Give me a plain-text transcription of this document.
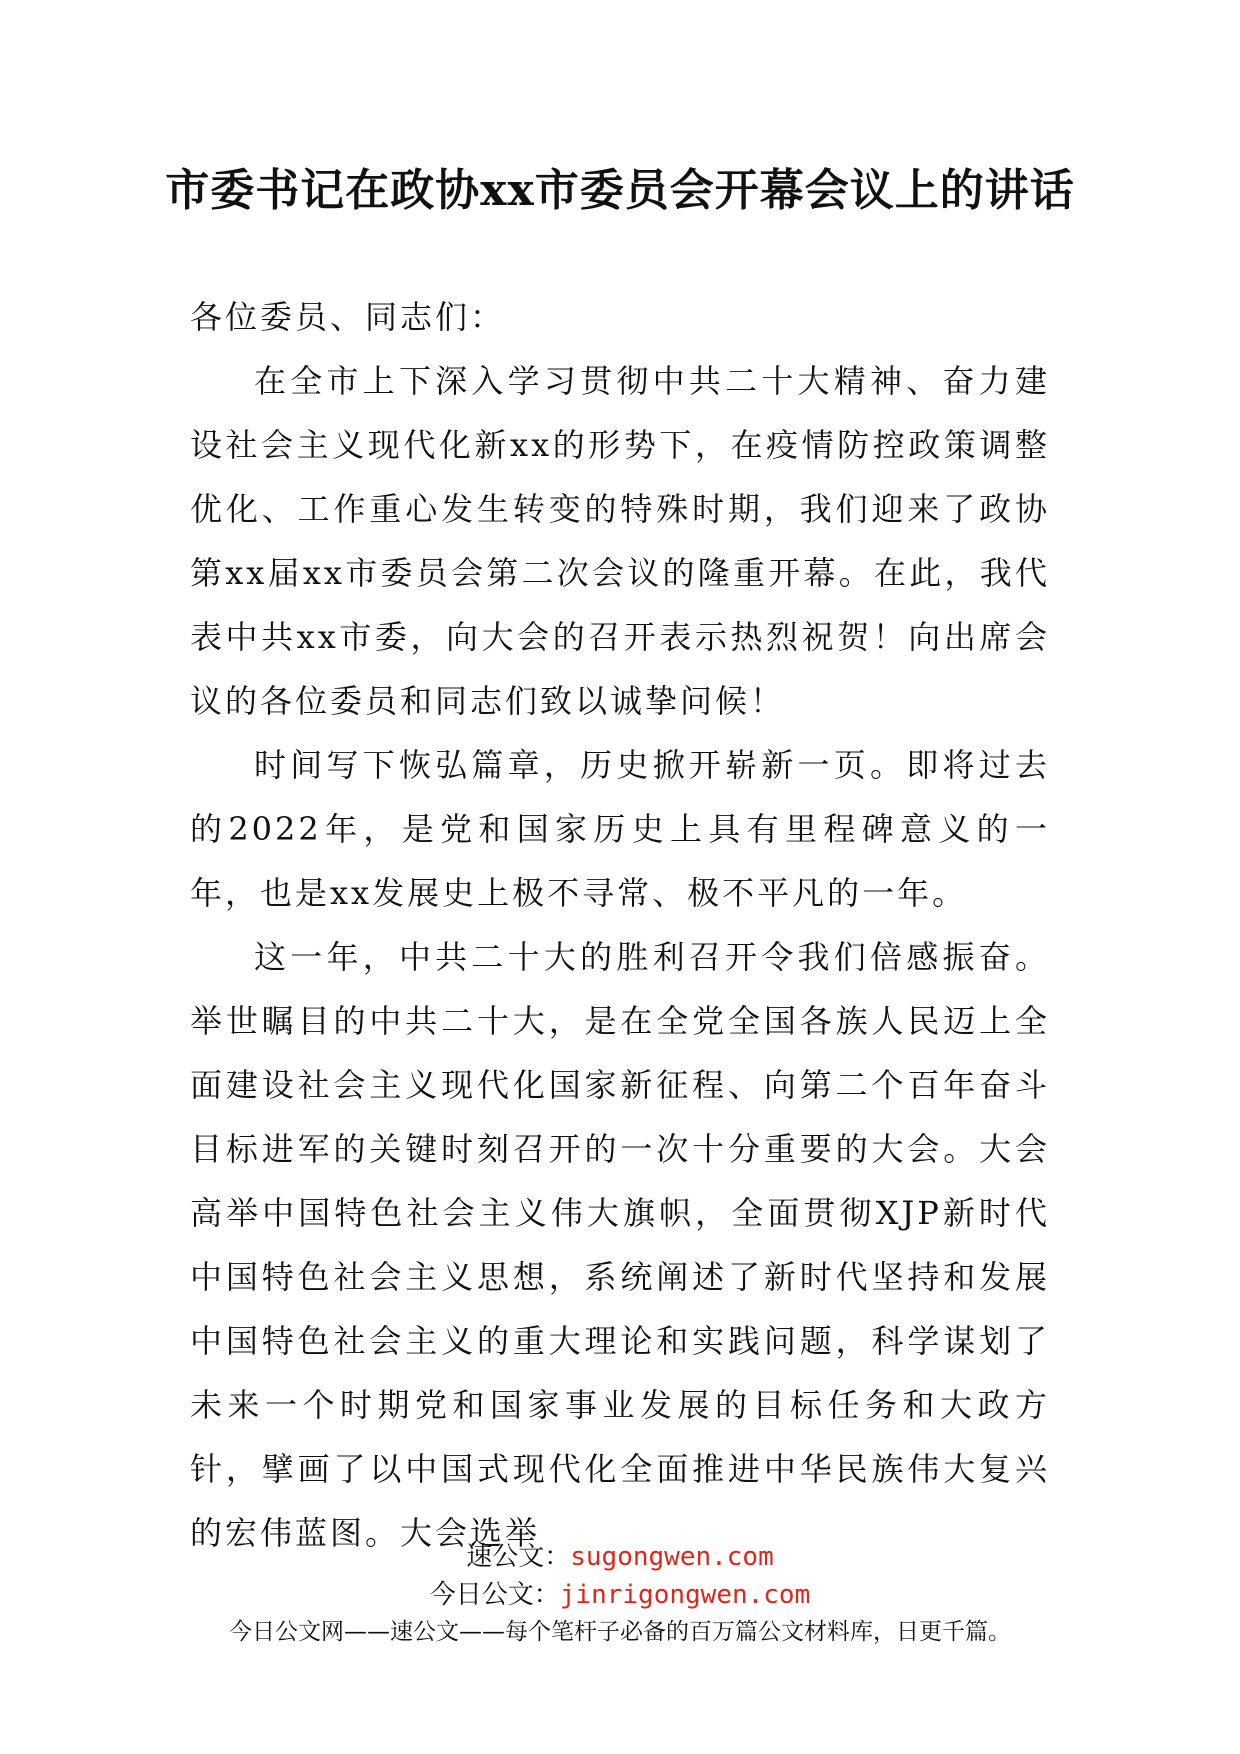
市委书记在政协xx市委员会开幕会议上的讲话

各位委员、同志们：

在全市上下深入学习贯彻中共二十大精神、奋力建设社会主义现代化新xx的形势下，在疫情防控政策调整优化、工作重心发生转变的特殊时期，我们迎来了政协第xx届xx市委员会第二次会议的隆重开幕。在此，我代表中共xx市委，向大会的召开表示热烈祝贺！向出席会议的各位委员和同志们致以诚挚问候！

时间写下恢弘篇章，历史掀开崭新一页。即将过去的2022年，是党和国家历史上具有里程碑意义的一年，也是xx发展史上极不寻常、极不平凡的一年。

这一年，中共二十大的胜利召开令我们倍感振奋。举世瞩目的中共二十大，是在全党全国各族人民迈上全面建设社会主义现代化国家新征程、向第二个百年奋斗目标进军的关键时刻召开的一次十分重要的大会。大会高举中国特色社会主义伟大旗帜，全面贯彻XJP新时代中国特色社会主义思想，系统阐述了新时代坚持和发展中国特色社会主义的重大理论和实践问题，科学谋划了未来一个时期党和国家事业发展的目标任务和大政方针，擘画了以中国式现代化全面推进中华民族伟大复兴的宏伟蓝图。大会选举

速公文：sugongwen.com
今日公文：jinrigongwen.com
今日公文网——速公文——每个笔杆子必备的百万篇公文材料库，日更千篇。
